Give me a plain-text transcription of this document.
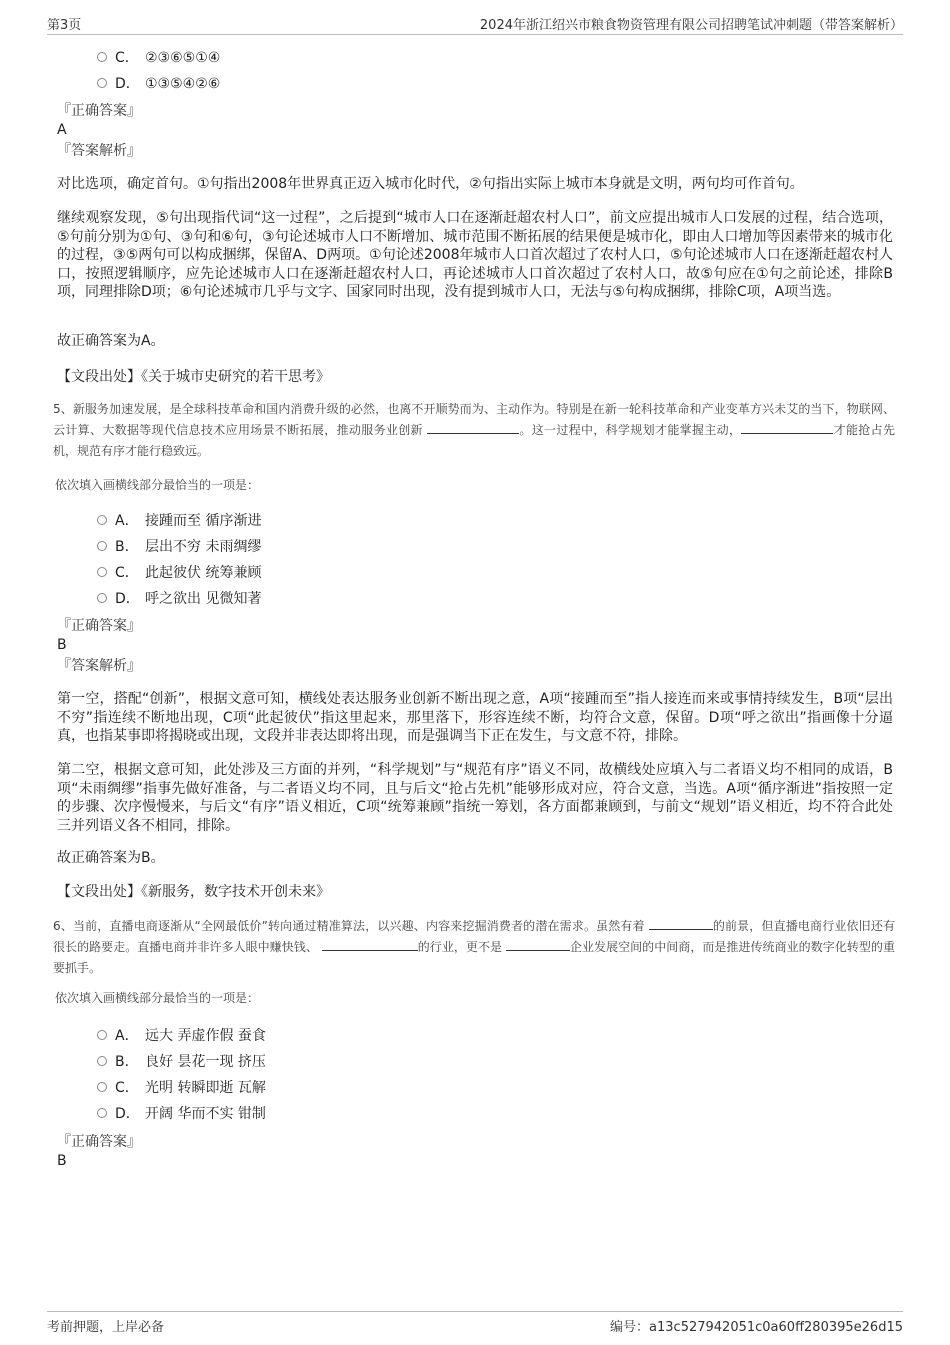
第3页	2024年浙江绍兴市粮食物资管理有限公司招聘笔试冲刺题（带答案解析）
C． ②③⑥⑤①④
D． ①③⑤④②⑥
『正确答案』
A
『答案解析』

对比选项，确定首句。①句指出2008年世界真正迈入城市化时代，②句指出实际上城市本身就是文明，两句均可作首句。

继续观察发现，⑤句出现指代词“这一过程”，之后提到“城市人口在逐渐赶超农村人口”，前文应提出城市人口发展的过程，结合选项，⑤句前分别为①句、③句和⑥句，③句论述城市人口不断增加、城市范围不断拓展的结果便是城市化，即由人口增加等因素带来的城市化的过程，③⑤两句可以构成捆绑，保留A、D两项。①句论述2008年城市人口首次超过了农村人口，⑤句论述城市人口在逐渐赶超农村人口，按照逻辑顺序，应先论述城市人口在逐渐赶超农村人口，再论述城市人口首次超过了农村人口，故⑤句应在①句之前论述，排除B项，同理排除D项；⑥句论述城市几乎与文字、国家同时出现，没有提到城市人口，无法与⑤句构成捆绑，排除C项，A项当选。

故正确答案为A。

【文段出处】《关于城市史研究的若干思考》

5、新服务加速发展，是全球科技革命和国内消费升级的必然，也离不开顺势而为、主动作为。特别是在新一轮科技革命和产业变革方兴未艾的当下，物联网、云计算、大数据等现代信息技术应用场景不断拓展，推动服务业创新	。这一过程中，科学规划才能掌握主动，	才能抢占先机，规范有序才能行稳致远。

依次填入画横线部分最恰当的一项是：
A． 接踵而至 循序渐进
B． 层出不穷 未雨绸缪
C． 此起彼伏 统筹兼顾
D． 呼之欲出 见微知著
『正确答案』
B
『答案解析』

第一空，搭配“创新”，根据文意可知，横线处表达服务业创新不断出现之意，A项“接踵而至”指人接连而来或事情持续发生，B项“层出不穷”指连续不断地出现，C项“此起彼伏”指这里起来，那里落下，形容连续不断，均符合文意，保留。D项“呼之欲出”指画像十分逼真，也指某事即将揭晓或出现，文段并非表达即将出现，而是强调当下正在发生，与文意不符，排除。

第二空，根据文意可知，此处涉及三方面的并列，“科学规划”与“规范有序”语义不同，故横线处应填入与二者语义均不相同的成语，B项“未雨绸缪”指事先做好准备，与二者语义均不同，且与后文“抢占先机”能够形成对应，符合文意，当选。A项“循序渐进”指按照一定的步骤、次序慢慢来，与后文“有序”语义相近，C项“统筹兼顾”指统一筹划，各方面都兼顾到，与前文“规划”语义相近，均不符合此处三并列语义各不相同，排除。

故正确答案为B。

【文段出处】《新服务，数字技术开创未来》

6、当前，直播电商逐渐从“全网最低价”转向通过精准算法，以兴趣、内容来挖掘消费者的潜在需求。虽然有着	的前景，但直播电商行业依旧还有很长的路要走。直播电商并非许多人眼中赚快钱、	的行业，更不是	企业发展空间的中间商，而是推进传统商业的数字化转型的重要抓手。

依次填入画横线部分最恰当的一项是：
A． 远大 弄虚作假 蚕食
B． 良好 昙花一现 挤压
C． 光明 转瞬即逝 瓦解
D． 开阔 华而不实 钳制
『正确答案』
B
考前押题，上岸必备	编号：a13c527942051c0a60ff280395e26d15
